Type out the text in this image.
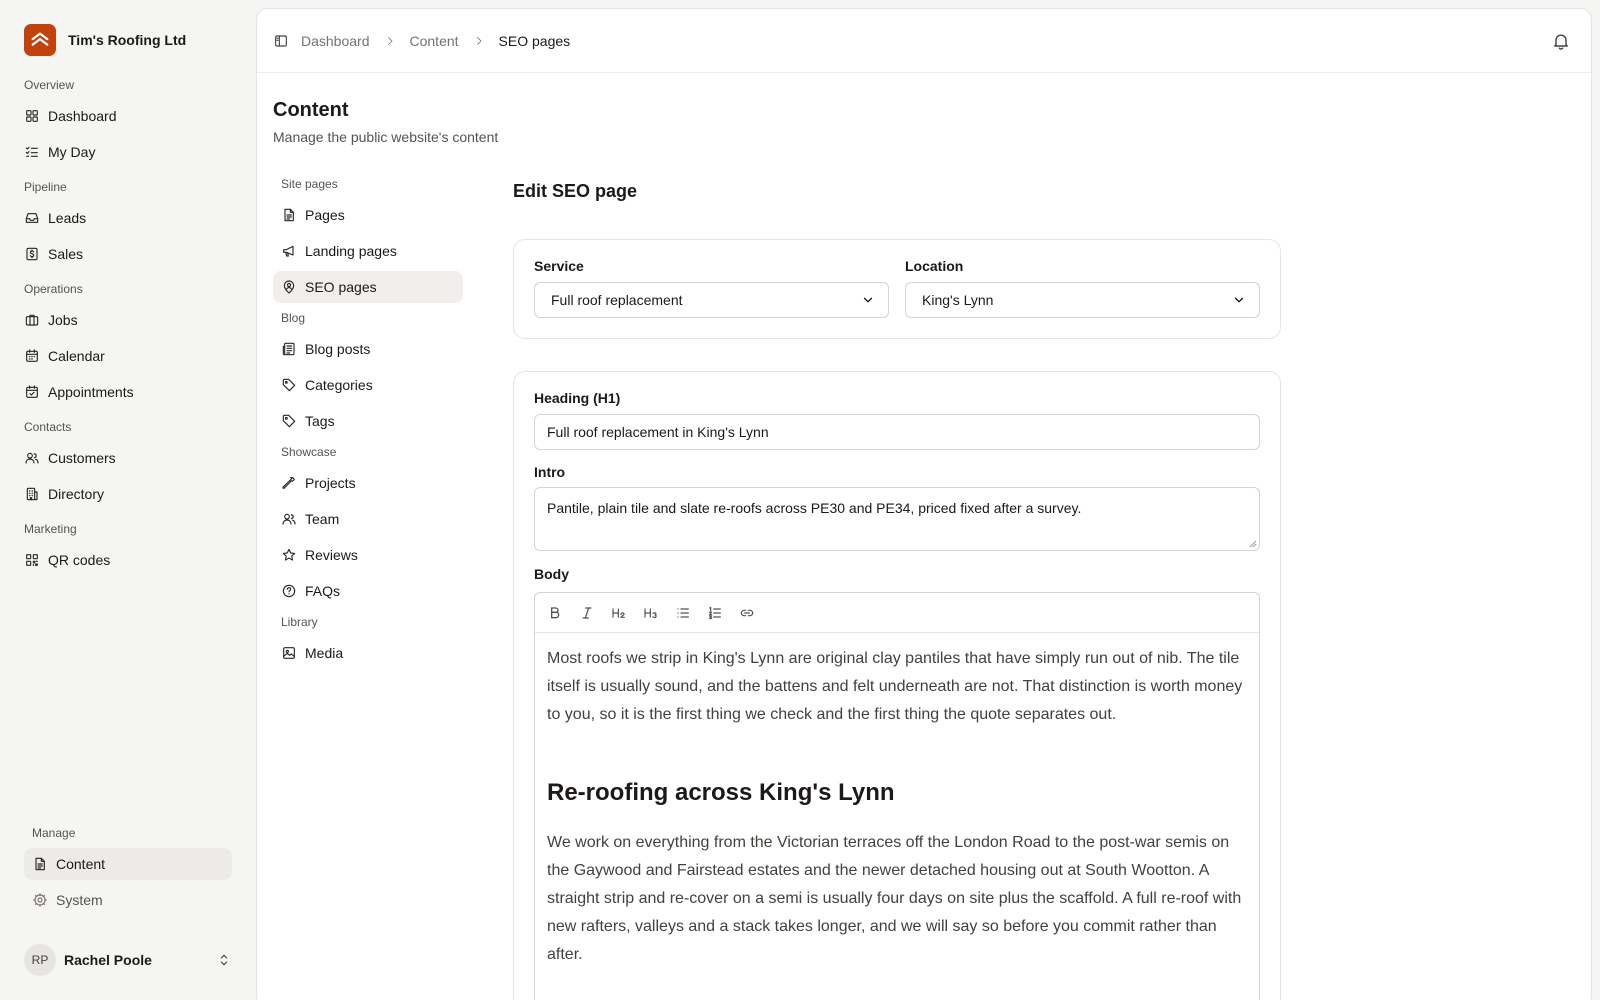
Tim's Roofing Ltd
Overview
Dashboard
My Day
Pipeline
Leads
Sales
Operations
Jobs
Calendar
Appointments
Contacts
Customers
Directory
Marketing
QR codes
Manage
Content
System
RP	Rachel Poole
Dashboard	Content	SEO pages
Content

Manage the public website's content

Site pages
Pages
Landing pages
SEO pages
Blog
Blog posts
Categories
Tags
Showcase
Projects
Team
Reviews
FAQs
Library
Media
Edit SEO page
Service
Full roof replacement
Location
King's Lynn
Heading (H1)
Full roof replacement in King's Lynn
Intro
Pantile, plain tile and slate re-roofs across PE30 and PE34, priced fixed after a survey.
Body

Most roofs we strip in King's Lynn are original clay pantiles that have simply run out of nib. The tile itself is usually sound, and the battens and felt underneath are not. That distinction is worth money to you, so it is the first thing we check and the first thing the quote separates out.

Re-roofing across King's Lynn

We work on everything from the Victorian terraces off the London Road to the post-war semis on the Gaywood and Fairstead estates and the newer detached housing out at South Wootton. A straight strip and re-cover on a semi is usually four days on site plus the scaffold. A full re-roof with new rafters, valleys and a stack takes longer, and we will say so before you commit rather than after.
